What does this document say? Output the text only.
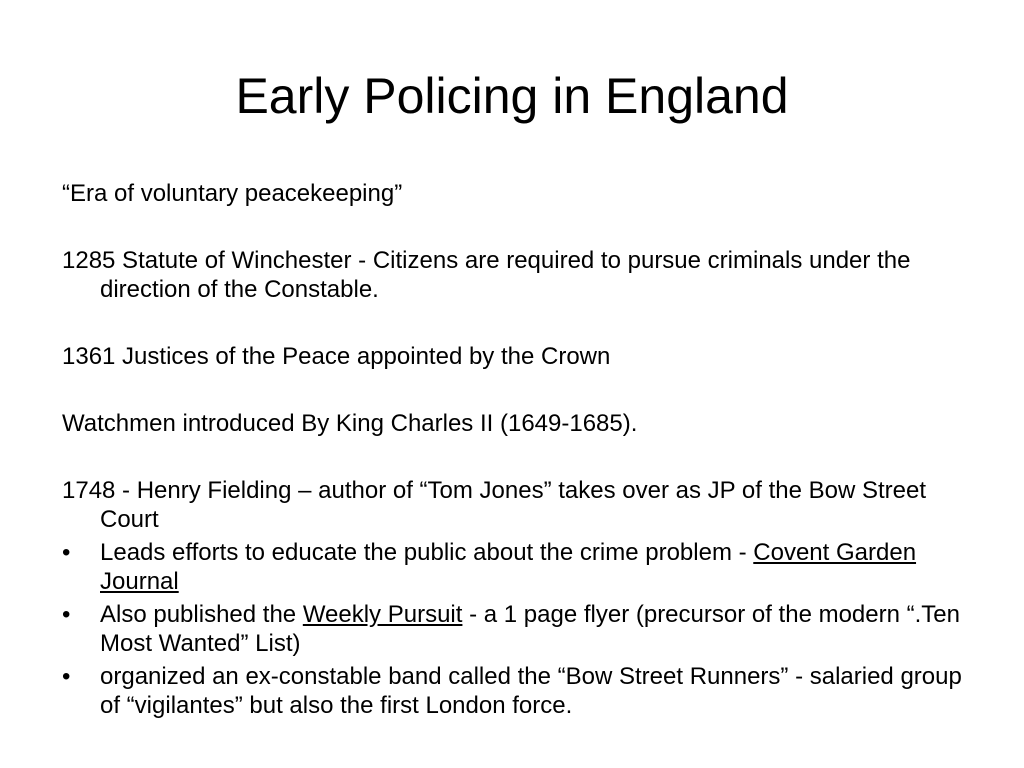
Early Policing in England

“Era of voluntary peacekeeping”

1285 Statute of Winchester - Citizens are required to pursue criminals under the direction of the Constable.

1361 Justices of the Peace appointed by the Crown

Watchmen introduced By King Charles II (1649-1685).

1748 - Henry Fielding – author of “Tom Jones” takes over as JP of the Bow Street Court

• Leads efforts to educate the public about the crime problem - Covent Garden Journal
• Also published the Weekly Pursuit - a 1 page flyer (precursor of the modern “.Ten Most Wanted” List)
• organized an ex-constable band called the “Bow Street Runners” - salaried group of “vigilantes” but also the first London force.
